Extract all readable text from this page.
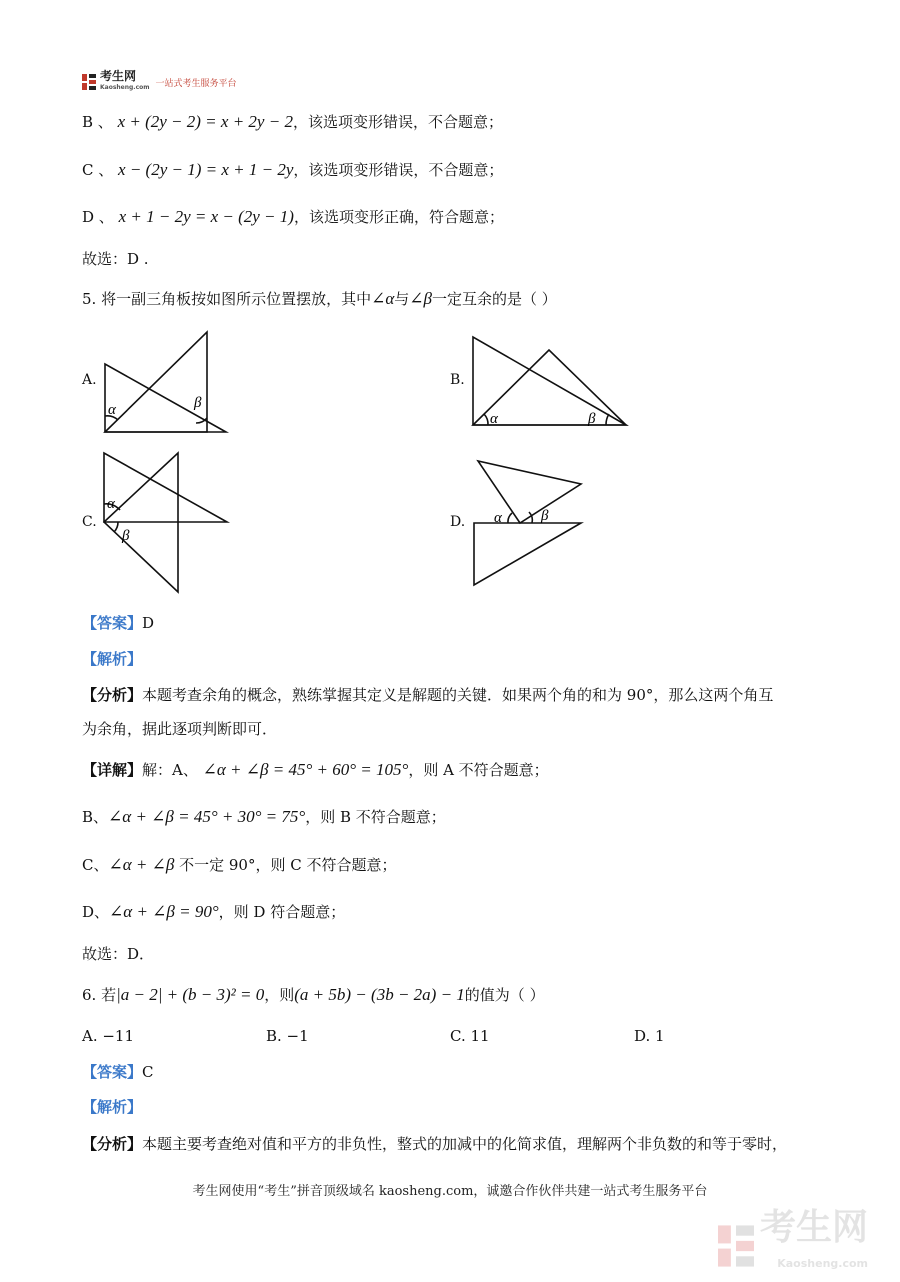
考生网
Kaosheng.com 一站式考生服务平台
B 、 x + (2y − 2) = x + 2y − 2，该选项变形错误，不合题意；
C 、 x − (2y − 1) = x + 1 − 2y，该选项变形错误，不合题意；
D 、 x + 1 − 2y = x − (2y − 1)，该选项变形正确，符合题意；
故选：D .
5. 将一副三角板按如图所示位置摆放，其中∠α与∠β一定互余的是（ ）
A.	B.
C.	D.
α	β
α	β
α
β
α	β
【答案】D
【解析】
【分析】本题考查余角的概念，熟练掌握其定义是解题的关键．如果两个角的和为 90°，那么这两个角互
为余角，据此逐项判断即可．
【详解】解：A、 ∠α + ∠β = 45° + 60° = 105°，则 A 不符合题意；
B、∠α + ∠β = 45° + 30° = 75°，则 B 不符合题意；
C、∠α + ∠β 不一定 90°，则 C 不符合题意；
D、∠α + ∠β = 90°，则 D 符合题意；
故选：D．
6. 若|a − 2| + (b − 3)² = 0，则(a + 5b) − (3b − 2a) − 1的值为（ ）
A. −11	B. −1	C. 11	D. 1
【答案】C
【解析】
【分析】本题主要考查绝对值和平方的非负性，整式的加减中的化简求值，理解两个非负数的和等于零时，
考生网使用“考生”拼音顶级域名 kaosheng.com，诚邀合作伙伴共建一站式考生服务平台
考生网
Kaosheng.com
